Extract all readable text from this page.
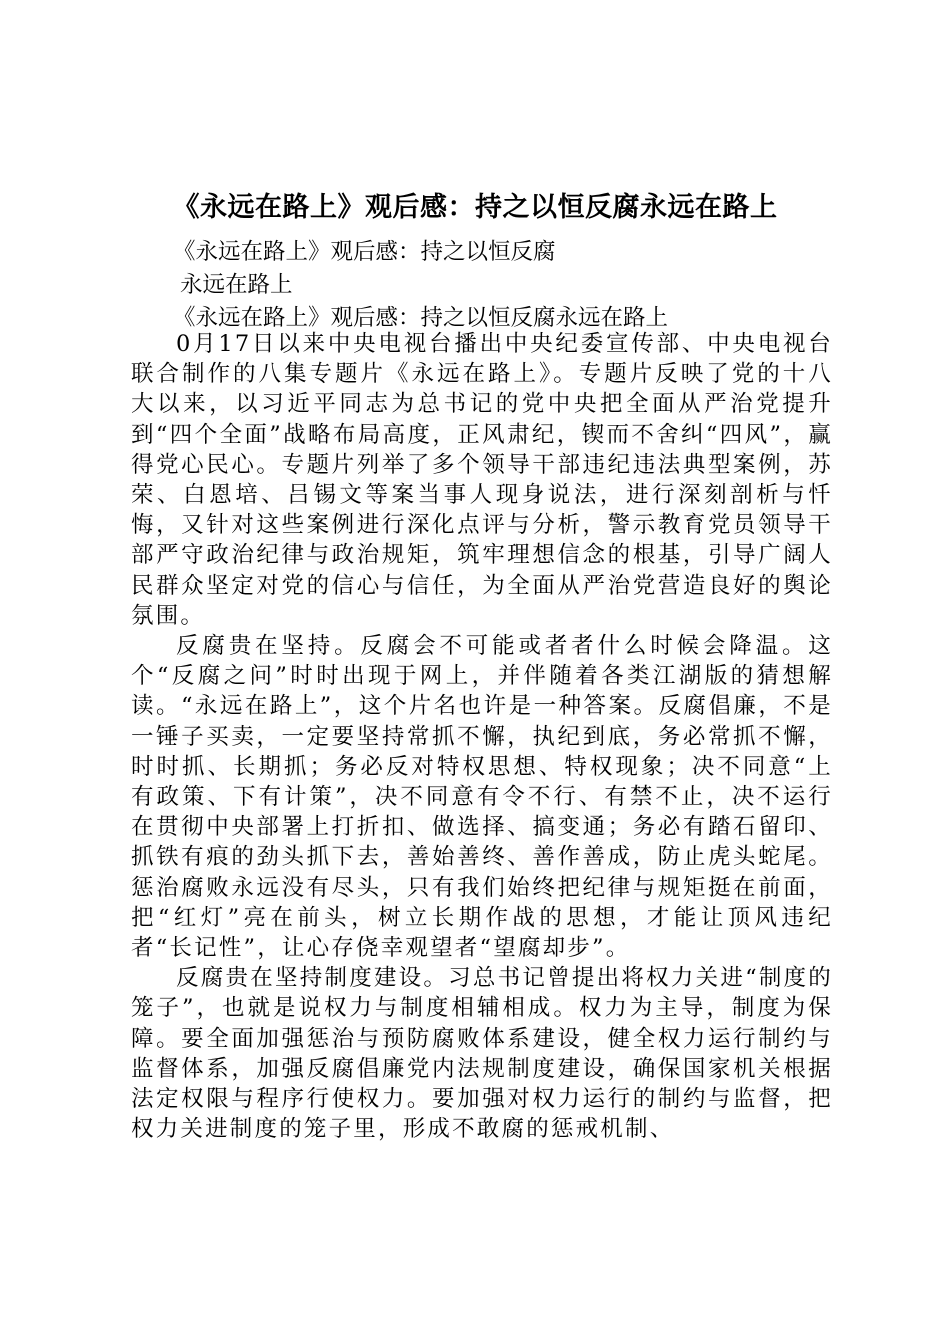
《永远在路上》观后感：持之以恒反腐永远在路上
《永远在路上》观后感：持之以恒反腐
永远在路上
《永远在路上》观后感：持之以恒反腐永远在路上

0月17日以来中央电视台播出中央纪委宣传部、中央电视台联合制作的八集专题片《永远在路上》。专题片反映了党的十八大以来，以习近平同志为总书记的党中央把全面从严治党提升到“四个全面”战略布局高度，正风肃纪，锲而不舍纠“四风”，赢得党心民心。专题片列举了多个领导干部违纪违法典型案例，苏荣、白恩培、吕锡文等案当事人现身说法，进行深刻剖析与忏悔，又针对这些案例进行深化点评与分析，警示教育党员领导干部严守政治纪律与政治规矩，筑牢理想信念的根基，引导广阔人民群众坚定对党的信心与信任，为全面从严治党营造良好的舆论氛围。

反腐贵在坚持。反腐会不可能或者者什么时候会降温。这个“反腐之问”时时出现于网上，并伴随着各类江湖版的猜想解读。“永远在路上”，这个片名也许是一种答案。反腐倡廉，不是一锤子买卖，一定要坚持常抓不懈，执纪到底，务必常抓不懈，时时抓、长期抓；务必反对特权思想、特权现象；决不同意“上有政策、下有计策”，决不同意有令不行、有禁不止，决不运行在贯彻中央部署上打折扣、做选择、搞变通；务必有踏石留印、抓铁有痕的劲头抓下去，善始善终、善作善成，防止虎头蛇尾。惩治腐败永远没有尽头，只有我们始终把纪律与规矩挺在前面，把“红灯”亮在前头，树立长期作战的思想，才能让顶风违纪者“长记性”，让心存侥幸观望者“望腐却步”。

反腐贵在坚持制度建设。习总书记曾提出将权力关进“制度的笼子”，也就是说权力与制度相辅相成。权力为主导，制度为保障。要全面加强惩治与预防腐败体系建设，健全权力运行制约与监督体系，加强反腐倡廉党内法规制度建设，确保国家机关根据法定权限与程序行使权力。要加强对权力运行的制约与监督，把权力关进制度的笼子里，形成不敢腐的惩戒机制、
